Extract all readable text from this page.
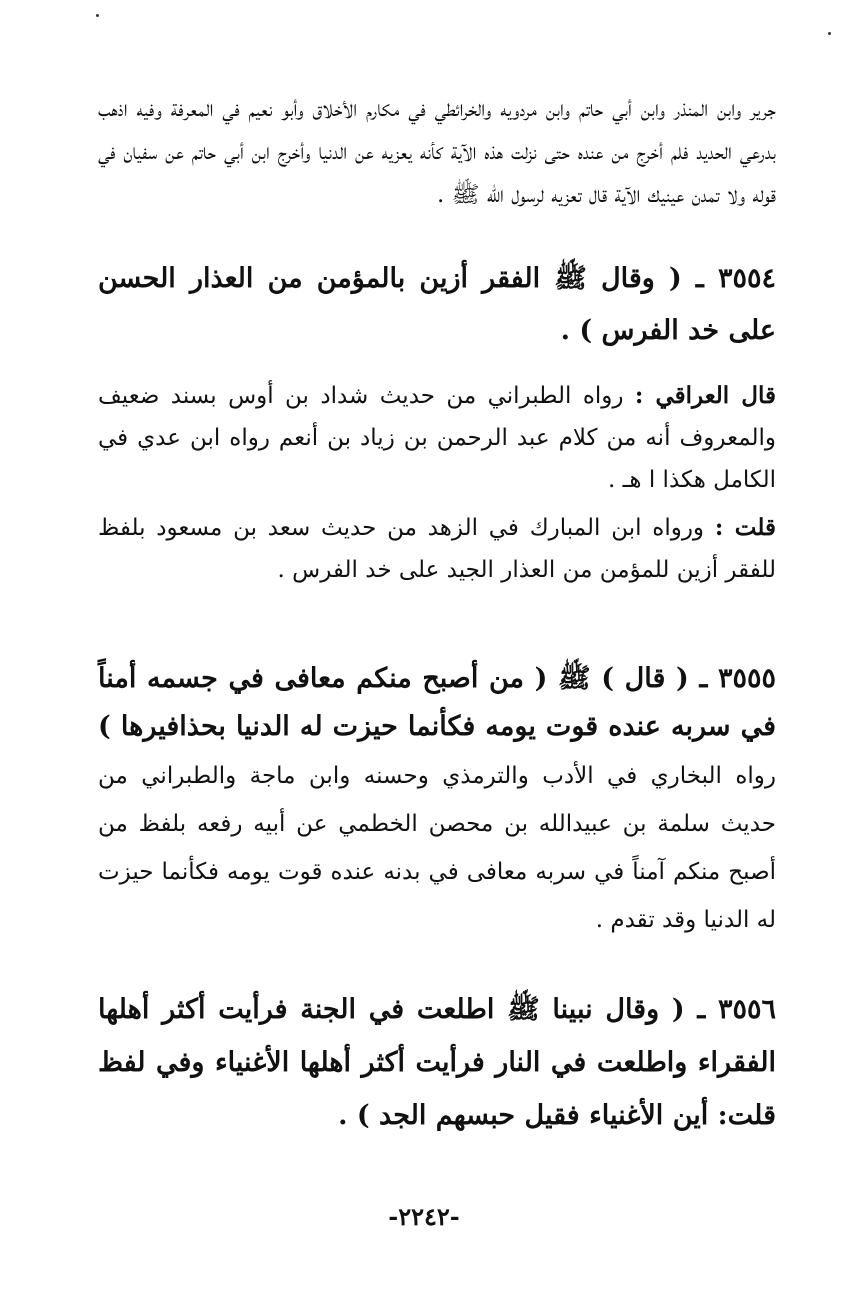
جرير وابن المنذر وابن أبي حاتم وابن مردويه والخرائطي في مكارم الأخلاق وأبو نعيم في المعرفة وفيه اذهب بدرعي الحديد فلم أخرج من عنده حتى نزلت هذه الآية كأنه يعزيه عن الدنيا وأخرج ابن أبي حاتم عن سفيان في قوله ولا تمدن عينيك الآية قال تعزيه لرسول الله ﷺ .

٣٥٥٤ ـ ( وقال ﷺ الفقر أزين بالمؤمن من العذار الحسن على خد الفرس ) .

قال العراقي : رواه الطبراني من حديث شداد بن أوس بسند ضعيف والمعروف أنه من كلام عبد الرحمن بن زياد بن أنعم رواه ابن عدي في الكامل هكذا ا هـ .

قلت : ورواه ابن المبارك في الزهد من حديث سعد بن مسعود بلفظ للفقر أزين للمؤمن من العذار الجيد على خد الفرس .

٣٥٥٥ ـ ( قال ) ﷺ ( من أصبح منكم معافى في جسمه أمناً في سربه عنده قوت يومه فكأنما حيزت له الدنيا بحذافيرها ) رواه البخاري في الأدب والترمذي وحسنه وابن ماجة والطبراني من حديث سلمة بن عبيدالله بن محصن الخطمي عن أبيه رفعه بلفظ من أصبح منكم آمناً في سربه معافى في بدنه عنده قوت يومه فكأنما حيزت له الدنيا وقد تقدم .

٣٥٥٦ ـ ( وقال نبينا ﷺ اطلعت في الجنة فرأيت أكثر أهلها الفقراء واطلعت في النار فرأيت أكثر أهلها الأغنياء وفي لفظ قلت: أين الأغنياء فقيل حبسهم الجد ) .

-٢٢٤٢-
